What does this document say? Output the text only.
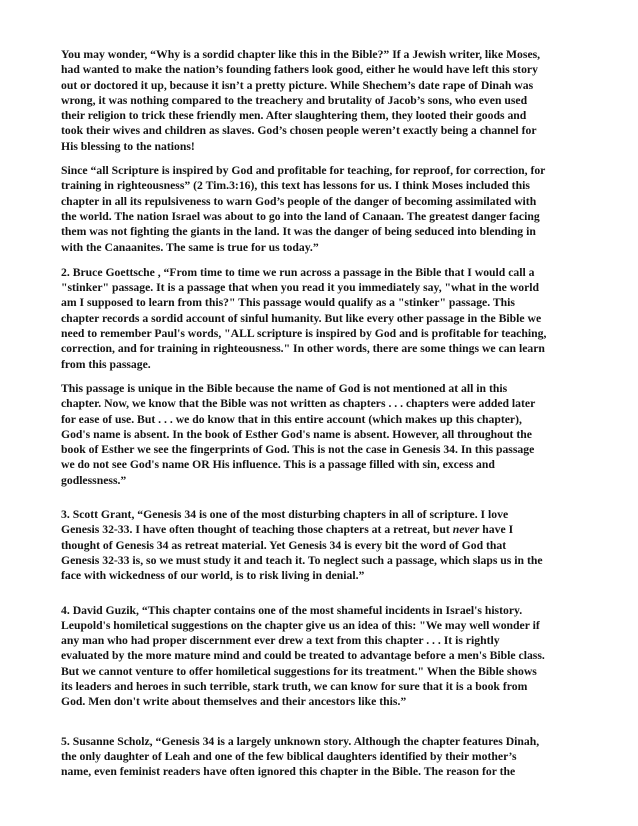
You may wonder, “Why is a sordid chapter like this in the Bible?” If a Jewish writer, like Moses,
had wanted to make the nation’s founding fathers look good, either he would have left this story
out or doctored it up, because it isn’t a pretty picture. While Shechem’s date rape of Dinah was
wrong, it was nothing compared to the treachery and brutality of Jacob’s sons, who even used
their religion to trick these friendly men. After slaughtering them, they looted their goods and
took their wives and children as slaves. God’s chosen people weren’t exactly being a channel for
His blessing to the nations!
Since “all Scripture is inspired by God and profitable for teaching, for reproof, for correction, for
training in righteousness” (2 Tim.3:16), this text has lessons for us. I think Moses included this
chapter in all its repulsiveness to warn God’s people of the danger of becoming assimilated with
the world. The nation Israel was about to go into the land of Canaan. The greatest danger facing
them was not fighting the giants in the land. It was the danger of being seduced into blending in
with the Canaanites. The same is true for us today.”
2. Bruce Goettsche , “From time to time we run across a passage in the Bible that I would call a
"stinker" passage. It is a passage that when you read it you immediately say, "what in the world
am I supposed to learn from this?" This passage would qualify as a "stinker" passage. This
chapter records a sordid account of sinful humanity. But like every other passage in the Bible we
need to remember Paul's words, "ALL scripture is inspired by God and is profitable for teaching,
correction, and for training in righteousness." In other words, there are some things we can learn
from this passage.
This passage is unique in the Bible because the name of God is not mentioned at all in this
chapter. Now, we know that the Bible was not written as chapters . . . chapters were added later
for ease of use. But . . . we do know that in this entire account (which makes up this chapter),
God's name is absent. In the book of Esther God's name is absent. However, all throughout the
book of Esther we see the fingerprints of God. This is not the case in Genesis 34. In this passage
we do not see God's name OR His influence. This is a passage filled with sin, excess and
godlessness.”
3. Scott Grant, “Genesis 34 is one of the most disturbing chapters in all of scripture. I love
Genesis 32-33. I have often thought of teaching those chapters at a retreat, but never have I
thought of Genesis 34 as retreat material. Yet Genesis 34 is every bit the word of God that
Genesis 32-33 is, so we must study it and teach it. To neglect such a passage, which slaps us in the
face with wickedness of our world, is to risk living in denial.”
4. David Guzik, “This chapter contains one of the most shameful incidents in Israel's history.
Leupold's homiletical suggestions on the chapter give us an idea of this: "We may well wonder if
any man who had proper discernment ever drew a text from this chapter . . . It is rightly
evaluated by the more mature mind and could be treated to advantage before a men's Bible class.
But we cannot venture to offer homiletical suggestions for its treatment." When the Bible shows
its leaders and heroes in such terrible, stark truth, we can know for sure that it is a book from
God. Men don't write about themselves and their ancestors like this.”
5. Susanne Scholz, “Genesis 34 is a largely unknown story. Although the chapter features Dinah,
the only daughter of Leah and one of the few biblical daughters identified by their mother’s
name, even feminist readers have often ignored this chapter in the Bible. The reason for the
